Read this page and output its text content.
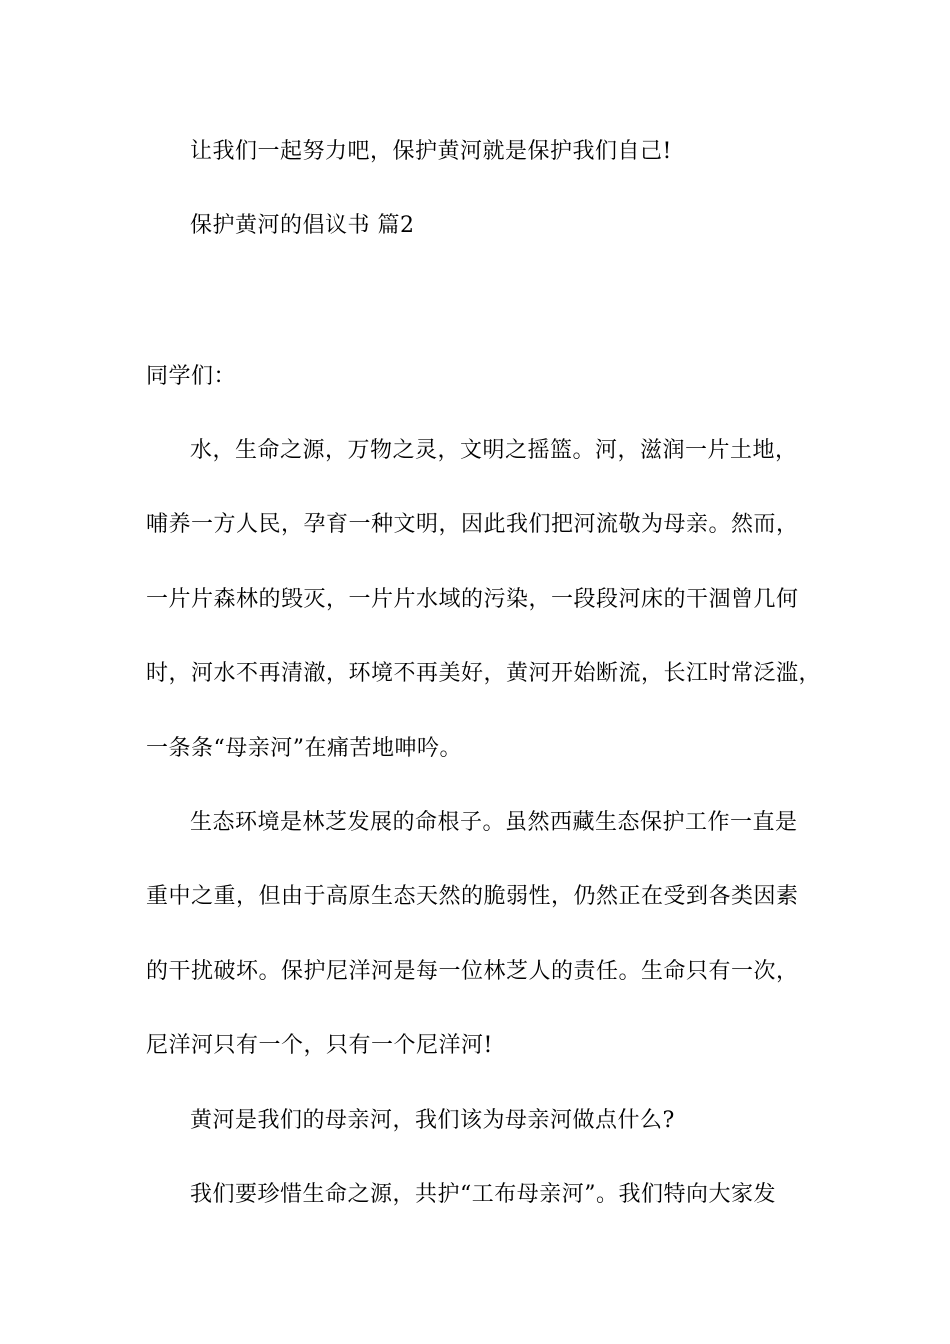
让我们一起努力吧，保护黄河就是保护我们自己!
保护黄河的倡议书 篇2
同学们：
水，生命之源，万物之灵，文明之摇篮。河，滋润一片土地，
哺养一方人民，孕育一种文明，因此我们把河流敬为母亲。然而，
一片片森林的毁灭，一片片水域的污染，一段段河床的干涸曾几何
时，河水不再清澈，环境不再美好，黄河开始断流，长江时常泛滥，
一条条“母亲河”在痛苦地呻吟。
生态环境是林芝发展的命根子。虽然西藏生态保护工作一直是
重中之重，但由于高原生态天然的脆弱性，仍然正在受到各类因素
的干扰破坏。保护尼洋河是每一位林芝人的责任。生命只有一次，
尼洋河只有一个，只有一个尼洋河!
黄河是我们的母亲河，我们该为母亲河做点什么?
我们要珍惜生命之源，共护“工布母亲河”。我们特向大家发
